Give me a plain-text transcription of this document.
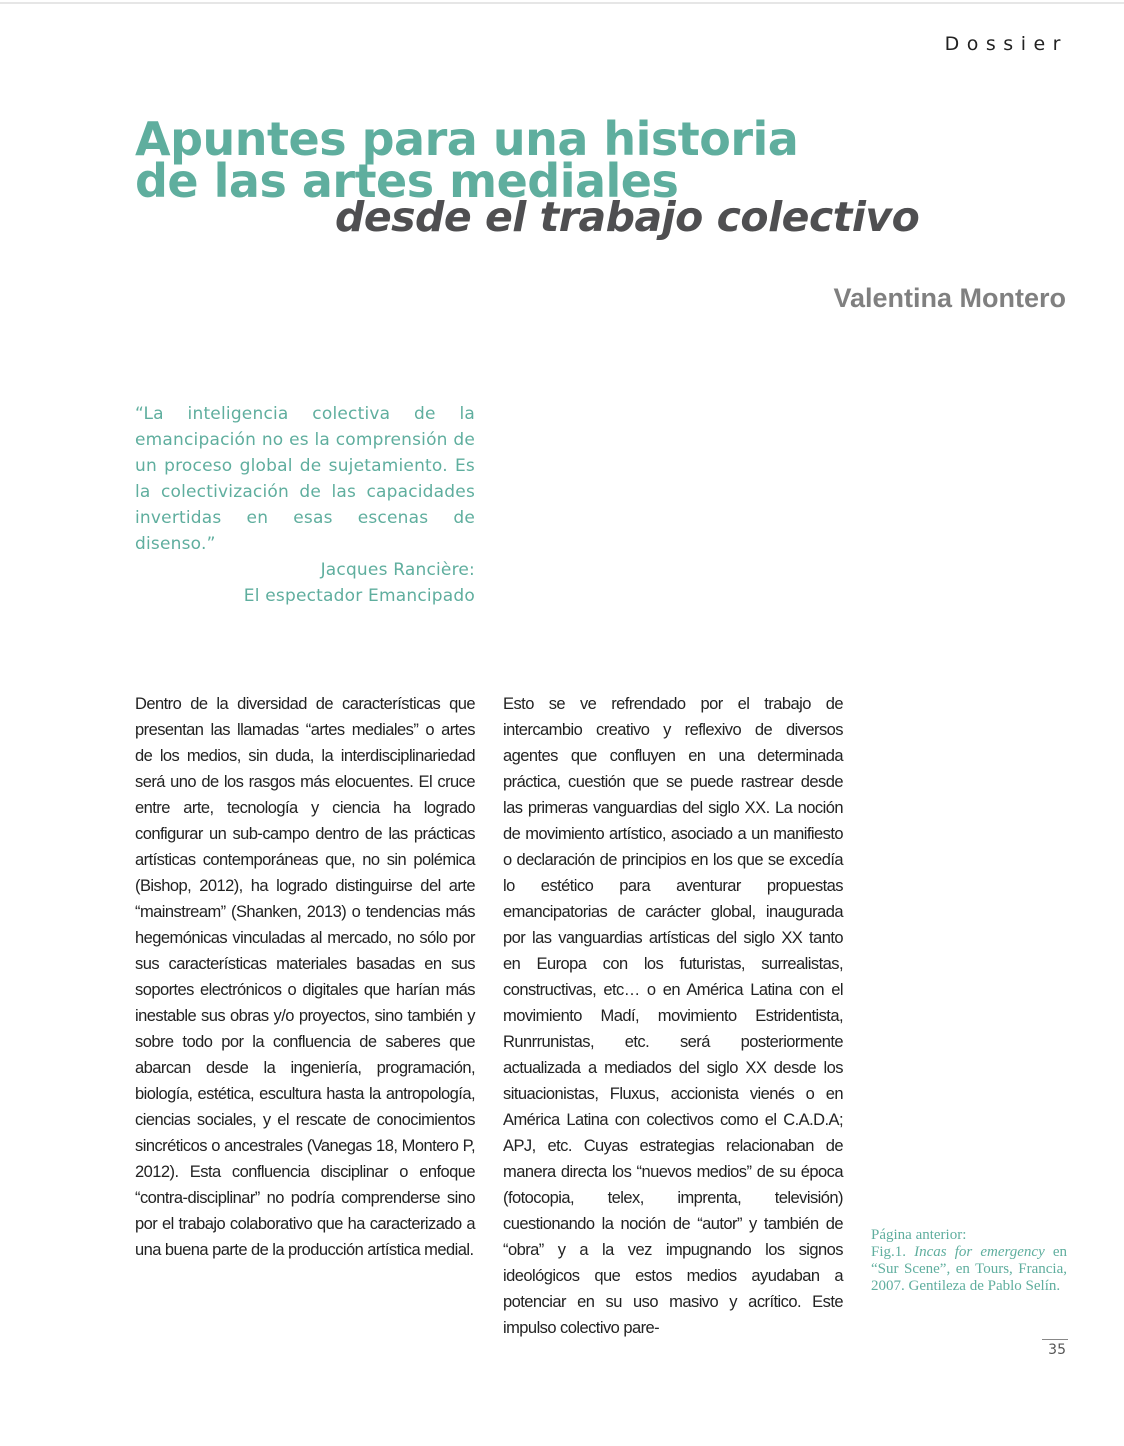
Dossier
Apuntes para una historia
de las artes mediales
desde el trabajo colectivo
Valentina Montero

“La inteligencia colectiva de la emancipación no es la comprensión de un proceso global de sujetamiento. Es la colectivización de las capacidades invertidas en esas escenas de disenso.”

Jacques Rancière:

El espectador Emancipado

Dentro de la diversidad de características que presentan las llamadas “artes mediales” o artes de los medios, sin duda, la interdisciplinariedad será uno de los rasgos más elocuentes. El cruce entre arte, tecnología y ciencia ha logrado configurar un sub-campo dentro de las prácticas artísticas contemporáneas que, no sin polémica (Bishop, 2012), ha logrado distinguirse del arte “mainstream” (Shanken, 2013) o tendencias más hegemónicas vinculadas al mercado, no sólo por sus características materiales basadas en sus soportes electrónicos o digitales que harían más inestable sus obras y/o proyectos, sino también y sobre todo por la confluencia de saberes que abarcan desde la ingeniería, programación, biología, estética, escultura hasta la antropología, ciencias sociales, y el rescate de conocimientos sincréticos o ancestrales (Vanegas 18, Montero P, 2012). Esta confluencia disciplinar o enfoque “contra-disciplinar” no podría comprenderse sino por el trabajo colaborativo que ha caracterizado a una buena parte de la producción artística medial.

Esto se ve refrendado por el trabajo de intercambio creativo y reflexivo de diversos agentes que confluyen en una determinada práctica, cuestión que se puede rastrear desde las primeras vanguardias del siglo XX. La noción de movimiento artístico, asociado a un manifiesto o declaración de principios en los que se excedía lo estético para aventurar propuestas emancipatorias de carácter global, inaugurada por las vanguardias artísticas del siglo XX tanto en Europa con los futuristas, surrealistas, constructivas, etc… o en América Latina con el movimiento Madí, movimiento Estridentista, Runrrunistas, etc. será posteriormente actualizada a mediados del siglo XX desde los situacionistas, Fluxus, accionista vienés o en América Latina con colectivos como el C.A.D.A; APJ, etc. Cuyas estrategias relacionaban de manera directa los “nuevos medios” de su época (fotocopia, telex, imprenta, televisión) cuestionando la noción de “autor” y también de “obra” y a la vez impugnando los signos ideológicos que estos medios ayudaban a potenciar en su uso masivo y acrítico. Este impulso colectivo pare-

Página anterior:

Fig.1. Incas for emergency en “Sur Scene”, en Tours, Francia, 2007. Gentileza de Pablo Selín.

35
